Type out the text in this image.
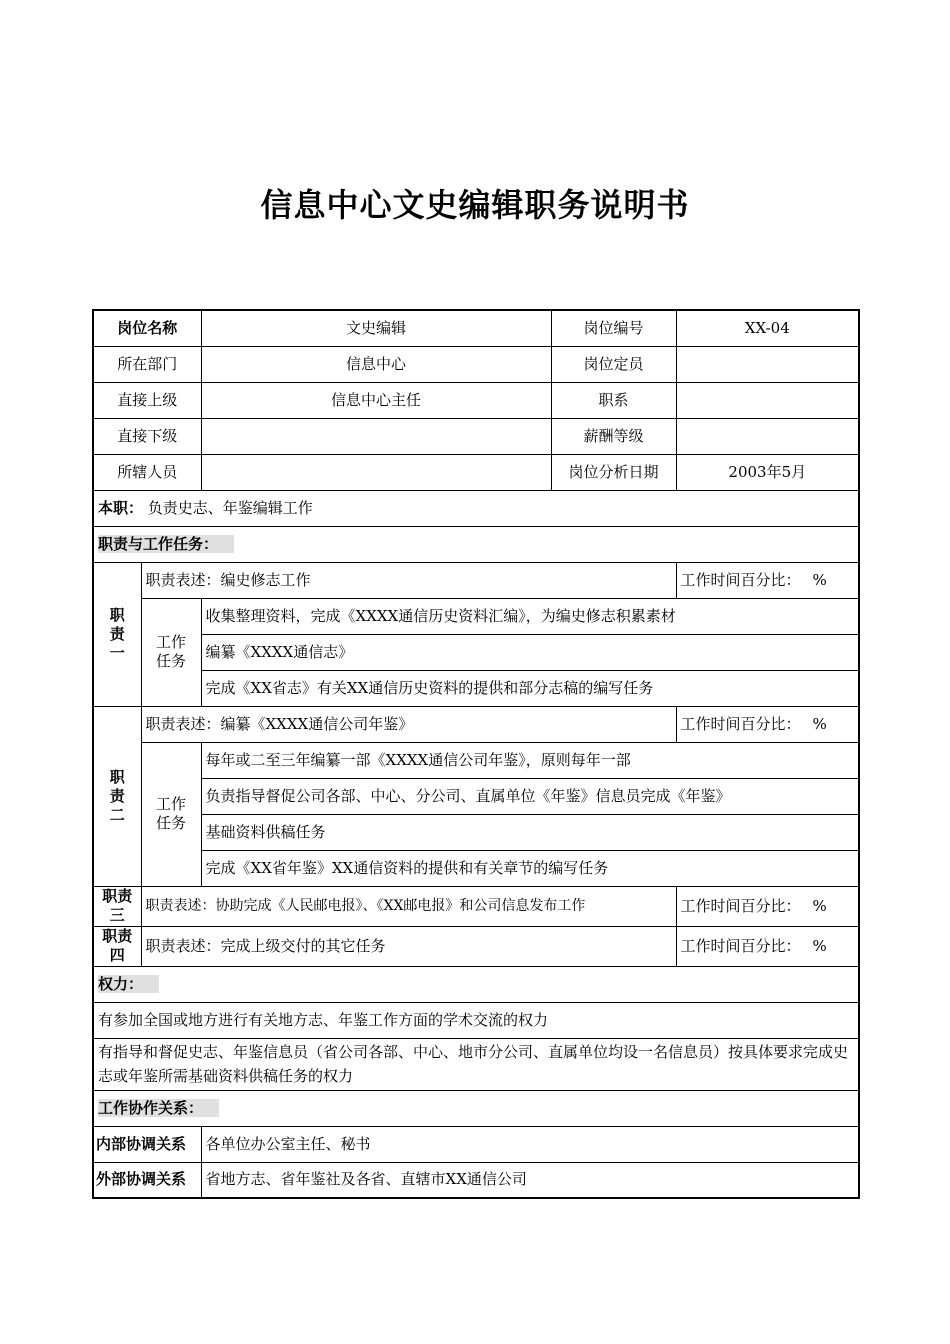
信息中心文史编辑职务说明书
岗位名称		文史编辑	岗位编号	XX-04
所在部门		信息中心	岗位定员	
直接上级		信息中心主任	职系	
直接下级			薪酬等级	
所辖人员			岗位分析日期	2003年5月
本职： 负责史志、年鉴编辑工作				
职责与工作任务：				
职
责
一	职责表述：编史修志工作			工作时间百分比： %
	工作
任务	收集整理资料，完成《XXXX通信历史资料汇编》，为编史修志积累素材		
		编纂《XXXX通信志》		
		完成《XX省志》有关XX通信历史资料的提供和部分志稿的编写任务		
职
责
二	职责表述：编纂《XXXX通信公司年鉴》			工作时间百分比： %
	工作
任务	每年或二至三年编纂一部《XXXX通信公司年鉴》，原则每年一部		
		负责指导督促公司各部、中心、分公司、直属单位《年鉴》信息员完成《年鉴》		
		基础资料供稿任务		
		完成《XX省年鉴》XX通信资料的提供和有关章节的编写任务		
职责
三	职责表述：协助完成《人民邮电报》、《XX邮电报》和公司信息发布工作			工作时间百分比： %
职责
四	职责表述：完成上级交付的其它任务			工作时间百分比： %
权力：				
有参加全国或地方进行有关地方志、年鉴工作方面的学术交流的权力				
有指导和督促史志、年鉴信息员（省公司各部、中心、地市分公司、直属单位均设一名信息员）按具体要求完成史志或年鉴所需基础资料供稿任务的权力				
工作协作关系：				
内部协调关系		各单位办公室主任、秘书		
外部协调关系		省地方志、省年鉴社及各省、直辖市XX通信公司		
